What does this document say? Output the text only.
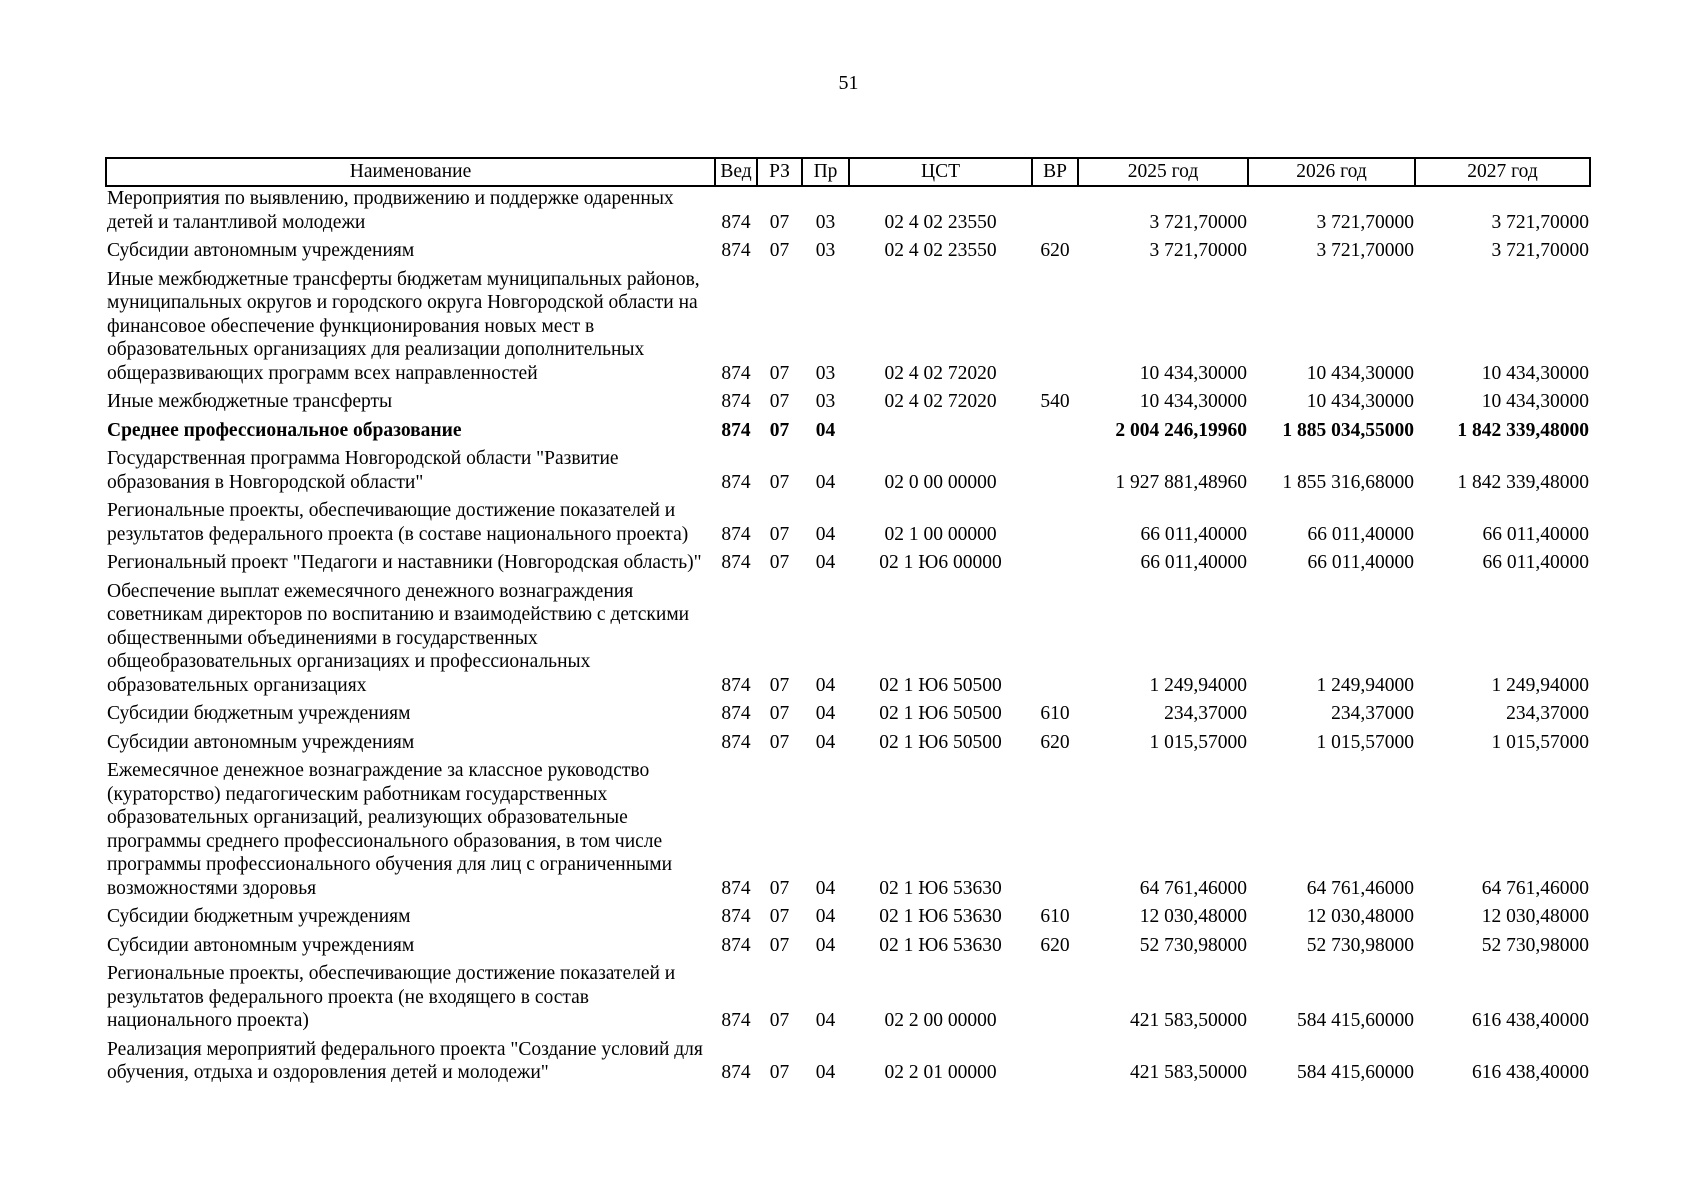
51
Наименование	Вед	РЗ	Пр	ЦСТ	ВР	2025 год	2026 год	2027 год
Мероприятия по выявлению, продвижению и поддержке одаренных детей и талантливой молодежи	874	07	03	02 4 02 23550		3 721,70000	3 721,70000	3 721,70000
Субсидии автономным учреждениям	874	07	03	02 4 02 23550	620	3 721,70000	3 721,70000	3 721,70000
Иные межбюджетные трансферты бюджетам муниципальных районов, муниципальных округов и городского округа Новгородской области на финансовое обеспечение функционирования новых мест в образовательных организациях для реализации дополнительных общеразвивающих программ всех направленностей	874	07	03	02 4 02 72020		10 434,30000	10 434,30000	10 434,30000
Иные межбюджетные трансферты	874	07	03	02 4 02 72020	540	10 434,30000	10 434,30000	10 434,30000
Среднее профессиональное образование	874	07	04			2 004 246,19960	1 885 034,55000	1 842 339,48000
Государственная программа Новгородской области "Развитие образования в Новгородской области"	874	07	04	02 0 00 00000		1 927 881,48960	1 855 316,68000	1 842 339,48000
Региональные проекты, обеспечивающие достижение показателей и результатов федерального проекта (в составе национального проекта)	874	07	04	02 1 00 00000		66 011,40000	66 011,40000	66 011,40000
Региональный проект "Педагоги и наставники (Новгородская область)"	874	07	04	02 1 Ю6 00000		66 011,40000	66 011,40000	66 011,40000
Обеспечение выплат ежемесячного денежного вознаграждения советникам директоров по воспитанию и взаимодействию с детскими общественными объединениями в государственных общеобразовательных организациях и профессиональных образовательных организациях	874	07	04	02 1 Ю6 50500		1 249,94000	1 249,94000	1 249,94000
Субсидии бюджетным учреждениям	874	07	04	02 1 Ю6 50500	610	234,37000	234,37000	234,37000
Субсидии автономным учреждениям	874	07	04	02 1 Ю6 50500	620	1 015,57000	1 015,57000	1 015,57000
Ежемесячное денежное вознаграждение за классное руководство (кураторство) педагогическим работникам государственных образовательных организаций, реализующих образовательные программы среднего профессионального образования, в том числе программы профессионального обучения для лиц с ограниченными возможностями здоровья	874	07	04	02 1 Ю6 53630		64 761,46000	64 761,46000	64 761,46000
Субсидии бюджетным учреждениям	874	07	04	02 1 Ю6 53630	610	12 030,48000	12 030,48000	12 030,48000
Субсидии автономным учреждениям	874	07	04	02 1 Ю6 53630	620	52 730,98000	52 730,98000	52 730,98000
Региональные проекты, обеспечивающие достижение показателей и результатов федерального проекта (не входящего в состав национального проекта)	874	07	04	02 2 00 00000		421 583,50000	584 415,60000	616 438,40000
Реализация мероприятий федерального проекта "Создание условий для обучения, отдыха и оздоровления детей и молодежи"	874	07	04	02 2 01 00000		421 583,50000	584 415,60000	616 438,40000
